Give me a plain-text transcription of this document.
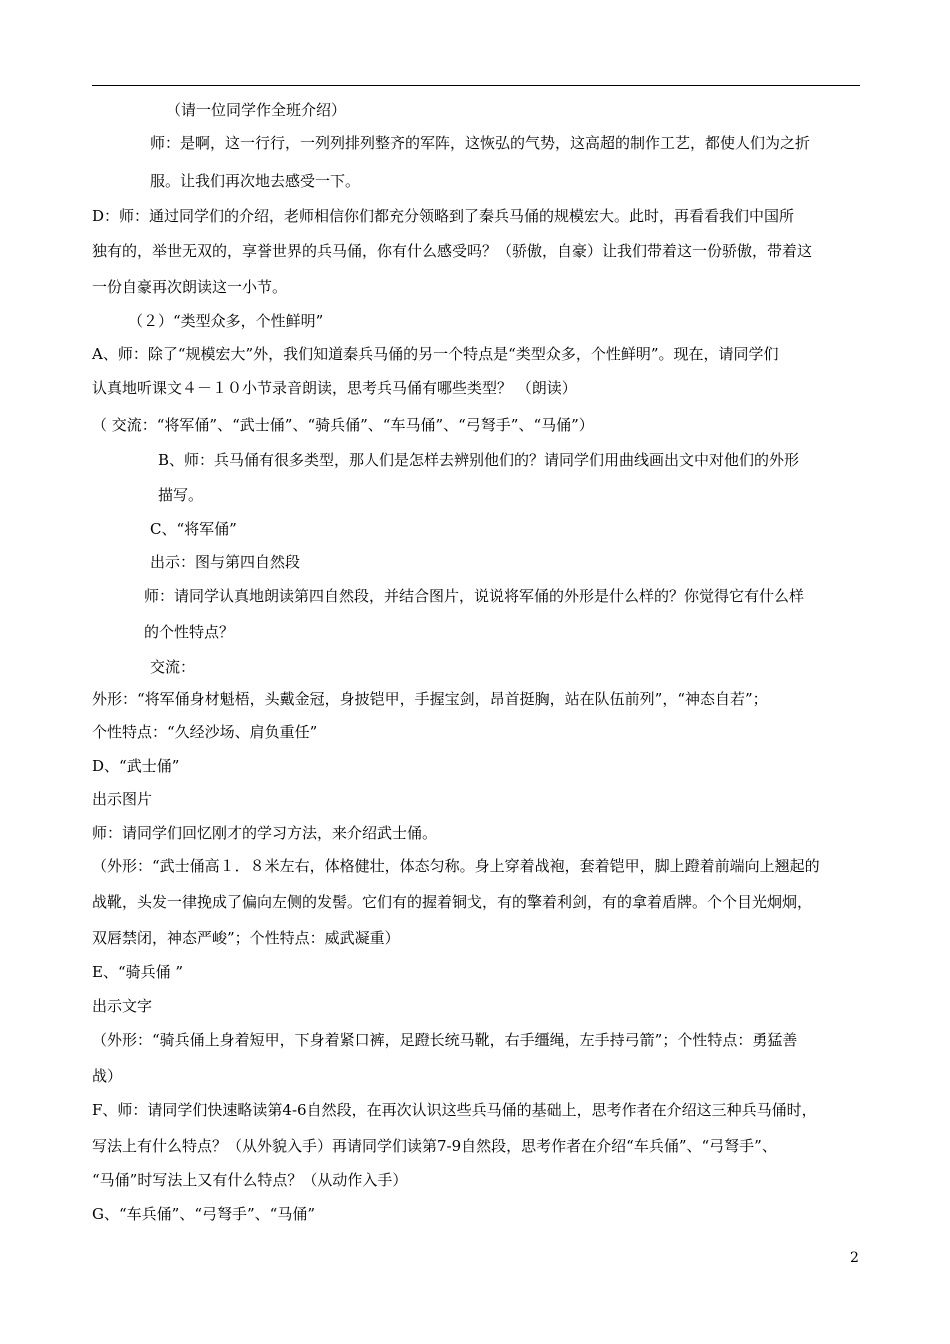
（请一位同学作全班介绍）
师：是啊，这一行行，一列列排列整齐的军阵，这恢弘的气势，这高超的制作工艺，都使人们为之折
服。让我们再次地去感受一下。
D：师：通过同学们的介绍，老师相信你们都充分领略到了秦兵马俑的规模宏大。此时，再看看我们中国所
独有的，举世无双的，享誉世界的兵马俑，你有什么感受吗？（骄傲，自豪）让我们带着这一份骄傲，带着这
一份自豪再次朗读这一小节。
（２）“类型众多，个性鲜明”
A、师：除了“规模宏大”外，我们知道秦兵马俑的另一个特点是“类型众多，个性鲜明”。现在，请同学们
认真地听课文４－１０小节录音朗读，思考兵马俑有哪些类型？ （朗读）
（ 交流：“将军俑”、“武士俑”、“骑兵俑”、“车马俑”、“弓弩手”、“马俑”）
B、师：兵马俑有很多类型，那人们是怎样去辨别他们的？请同学们用曲线画出文中对他们的外形
描写。
C、“将军俑”
出示：图与第四自然段
师：请同学认真地朗读第四自然段，并结合图片，说说将军俑的外形是什么样的？你觉得它有什么样
的个性特点？
交流：
外形：“将军俑身材魁梧，头戴金冠，身披铠甲，手握宝剑，昂首挺胸，站在队伍前列”，“神态自若”；
个性特点：“久经沙场、肩负重任”
D、“武士俑”
出示图片
师：请同学们回忆刚才的学习方法，来介绍武士俑。
（外形：“武士俑高１．８米左右，体格健壮，体态匀称。身上穿着战袍，套着铠甲，脚上蹬着前端向上翘起的
战靴，头发一律挽成了偏向左侧的发髻。它们有的握着铜戈，有的擎着利剑，有的拿着盾牌。个个目光炯炯，
双唇禁闭，神态严峻”；个性特点：威武凝重）
E、“骑兵俑 ”
出示文字
（外形：“骑兵俑上身着短甲，下身着紧口裤，足蹬长统马靴，右手缰绳，左手持弓箭”；个性特点：勇猛善
战）
F、师：请同学们快速略读第4-6自然段，在再次认识这些兵马俑的基础上，思考作者在介绍这三种兵马俑时，
写法上有什么特点？（从外貌入手）再请同学们读第7-9自然段，思考作者在介绍“车兵俑”、“弓弩手”、
“马俑”时写法上又有什么特点？（从动作入手）
G、“车兵俑”、“弓弩手”、“马俑”
2
